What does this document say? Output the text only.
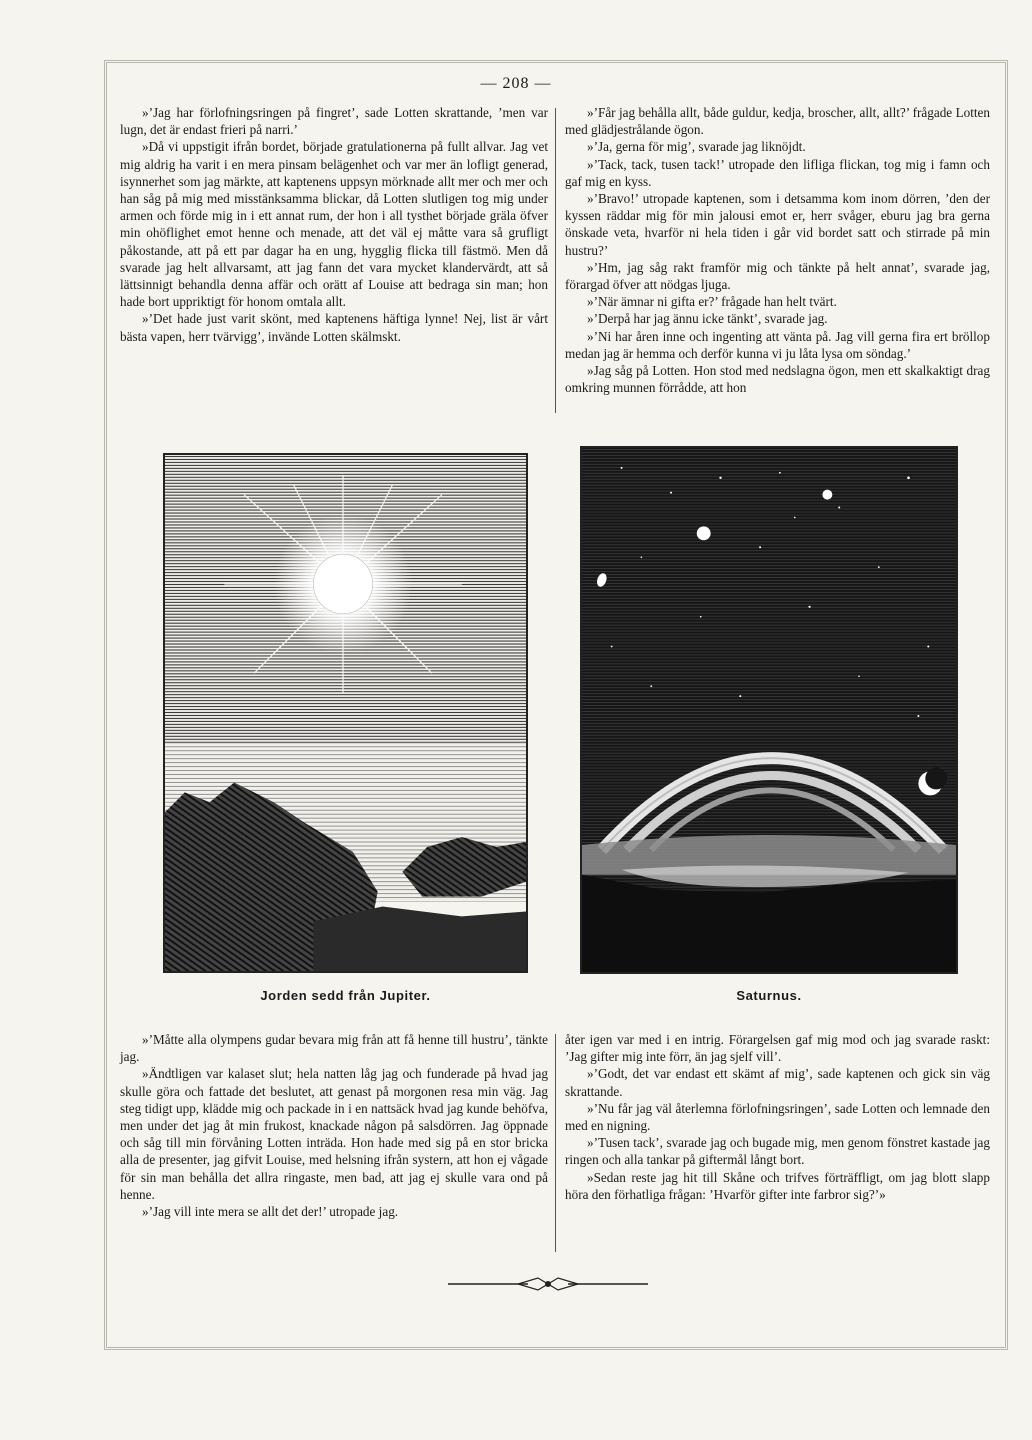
— 208 —

»’Jag har förlofningsringen på fingret’, sade Lotten skrattande, ’men var lugn, det är endast frieri på narri.’

»Då vi uppstigit ifrån bordet, började gratulationerna på fullt allvar. Jag vet mig aldrig ha varit i en mera pinsam belägenhet och var mer än lofligt generad, isynnerhet som jag märkte, att kaptenens uppsyn mörknade allt mer och mer och han såg på mig med misstänksamma blickar, då Lotten slutligen tog mig under armen och förde mig in i ett annat rum, der hon i all tysthet började gräla öfver min ohöflighet emot henne och menade, att det väl ej måtte vara så grufligt påkostande, att på ett par dagar ha en ung, hygglig flicka till fästmö. Men då svarade jag helt allvarsamt, att jag fann det vara mycket klandervärdt, att så lättsinnigt behandla denna affär och orätt af Louise att bedraga sin man; hon hade bort uppriktigt för honom omtala allt.

»’Det hade just varit skönt, med kaptenens häftiga lynne! Nej, list är vårt bästa vapen, herr tvärvigg’, invände Lotten skälmskt.

»’Får jag behålla allt, både guldur, kedja, broscher, allt, allt?’ frågade Lotten med glädjestrålande ögon.

»’Ja, gerna för mig’, svarade jag liknöjdt.

»’Tack, tack, tusen tack!’ utropade den lifliga flickan, tog mig i famn och gaf mig en kyss.

»’Bravo!’ utropade kaptenen, som i detsamma kom inom dörren, ’den der kyssen räddar mig för min jalousi emot er, herr svåger, eburu jag bra gerna önskade veta, hvarför ni hela tiden i går vid bordet satt och stirrade på min hustru?’

»’Hm, jag såg rakt framför mig och tänkte på helt annat’, svarade jag, förargad öfver att nödgas ljuga.

»’När ämnar ni gifta er?’ frågade han helt tvärt.

»’Derpå har jag ännu icke tänkt’, svarade jag.

»’Ni har åren inne och ingenting att vänta på. Jag vill gerna fira ert bröllop medan jag är hemma och derför kunna vi ju låta lysa om söndag.’

»Jag såg på Lotten. Hon stod med nedslagna ögon, men ett skalkaktigt drag omkring munnen förrådde, att hon

Jorden sedd från Jupiter.	Saturnus.

»’Måtte alla olympens gudar bevara mig från att få henne till hustru’, tänkte jag.

»Ändtligen var kalaset slut; hela natten låg jag och funderade på hvad jag skulle göra och fattade det beslutet, att genast på morgonen resa min väg. Jag steg tidigt upp, klädde mig och packade in i en nattsäck hvad jag kunde behöfva, men under det jag åt min frukost, knackade någon på salsdörren. Jag öppnade och såg till min förvåning Lotten inträda. Hon hade med sig på en stor bricka alla de presenter, jag gifvit Louise, med helsning ifrån systern, att hon ej vågade för sin man behålla det allra ringaste, men bad, att jag ej skulle vara ond på henne.

»’Jag vill inte mera se allt det der!’ utropade jag.

åter igen var med i en intrig. Förargelsen gaf mig mod och jag svarade raskt: ’Jag gifter mig inte förr, än jag sjelf vill’.

»’Godt, det var endast ett skämt af mig’, sade kaptenen och gick sin väg skrattande.

»’Nu får jag väl återlemna förlofningsringen’, sade Lotten och lemnade den med en nigning.

»’Tusen tack’, svarade jag och bugade mig, men genom fönstret kastade jag ringen och alla tankar på giftermål långt bort.

»Sedan reste jag hit till Skåne och trifves förträffligt, om jag blott slapp höra den förhatliga frågan: ’Hvarför gifter inte farbror sig?’»
